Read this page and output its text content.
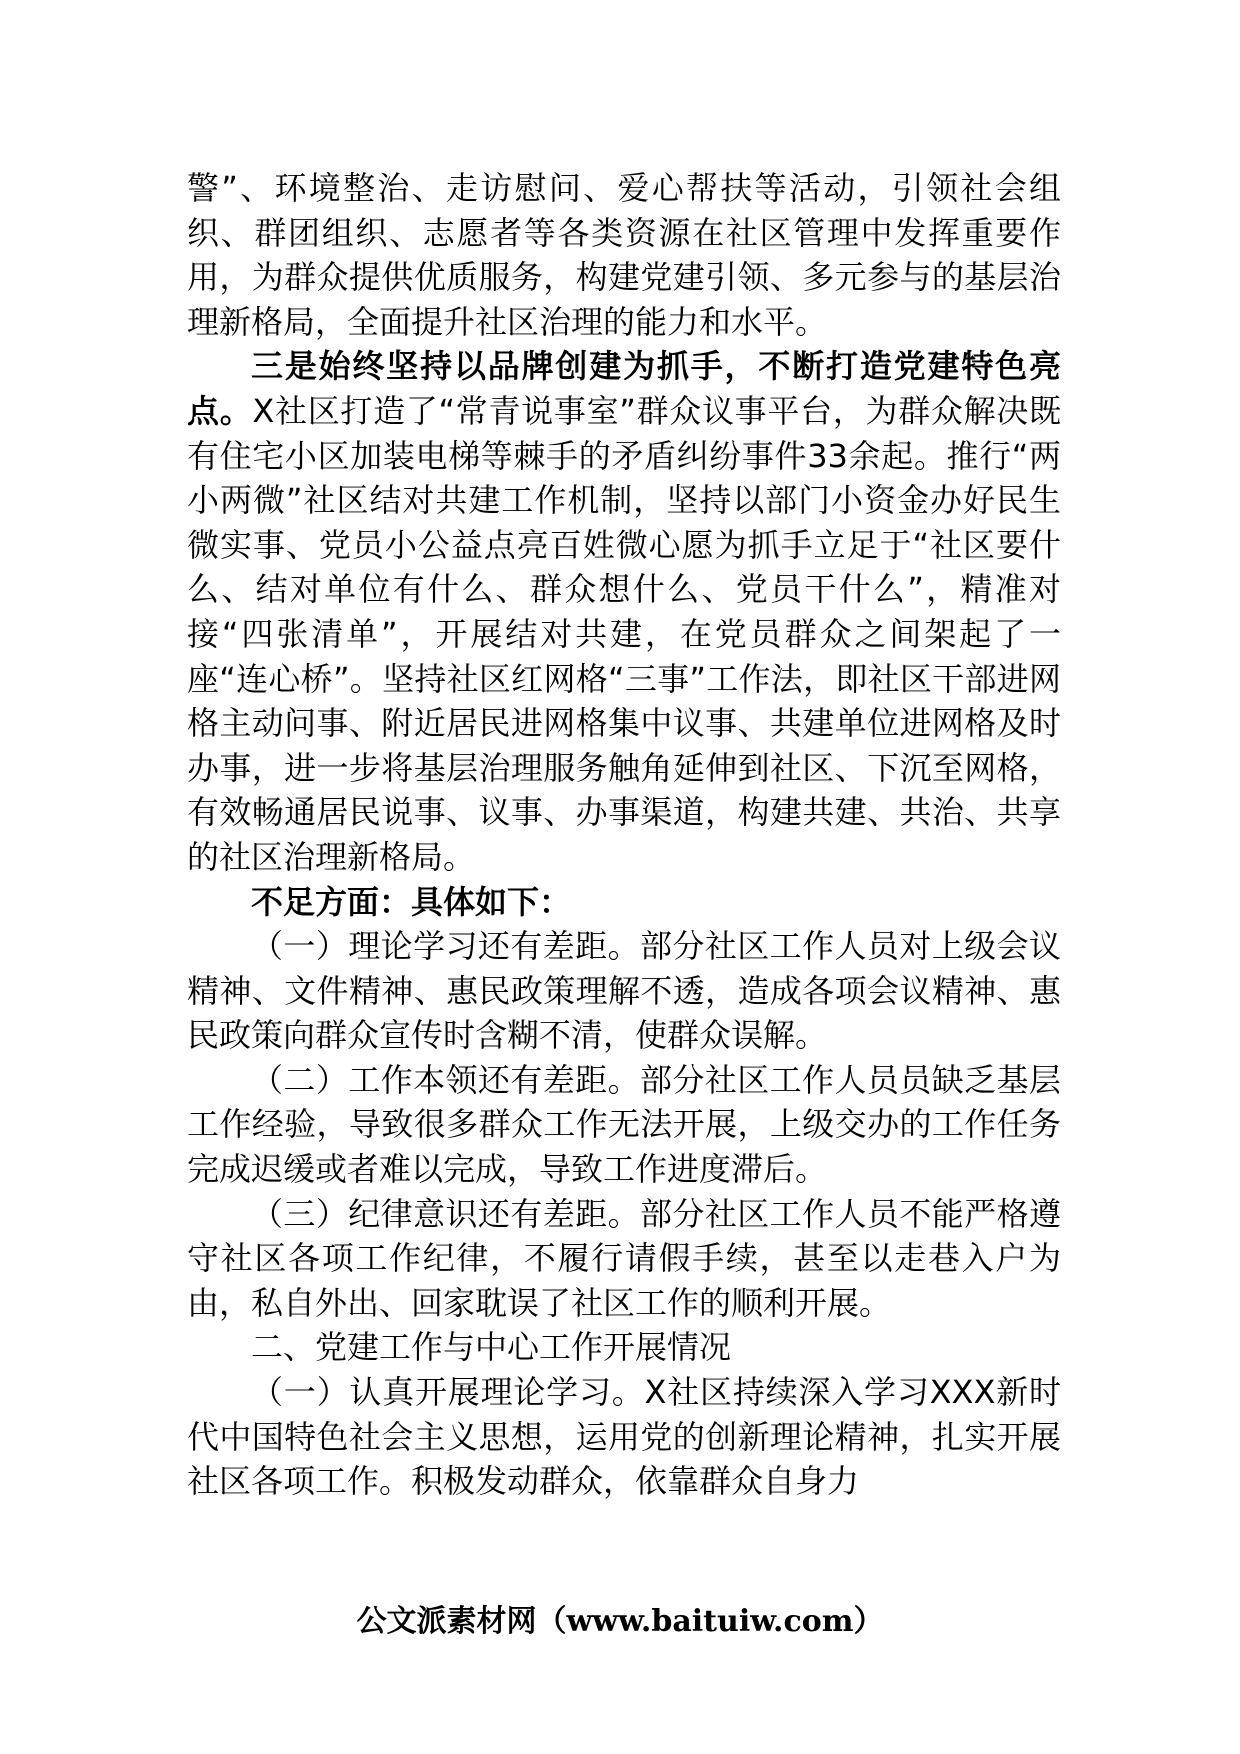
警”、环境整治、走访慰问、爱心帮扶等活动，引领社会组织、群团组织、志愿者等各类资源在社区管理中发挥重要作用，为群众提供优质服务，构建党建引领、多元参与的基层治理新格局，全面提升社区治理的能力和水平。

三是始终坚持以品牌创建为抓手，不断打造党建特色亮点。X社区打造了“常青说事室”群众议事平台，为群众解决既有住宅小区加装电梯等棘手的矛盾纠纷事件33余起。推行“两小两微”社区结对共建工作机制，坚持以部门小资金办好民生微实事、党员小公益点亮百姓微心愿为抓手立足于“社区要什么、结对单位有什么、群众想什么、党员干什么”，精准对接“四张清单”，开展结对共建，在党员群众之间架起了一座“连心桥”。坚持社区红网格“三事”工作法，即社区干部进网格主动问事、附近居民进网格集中议事、共建单位进网格及时办事，进一步将基层治理服务触角延伸到社区、下沉至网格，有效畅通居民说事、议事、办事渠道，构建共建、共治、共享的社区治理新格局。

不足方面：具体如下：

（一）理论学习还有差距。部分社区工作人员对上级会议精神、文件精神、惠民政策理解不透，造成各项会议精神、惠民政策向群众宣传时含糊不清，使群众误解。

（二）工作本领还有差距。部分社区工作人员员缺乏基层工作经验，导致很多群众工作无法开展，上级交办的工作任务完成迟缓或者难以完成，导致工作进度滞后。

（三）纪律意识还有差距。部分社区工作人员不能严格遵守社区各项工作纪律，不履行请假手续，甚至以走巷入户为由，私自外出、回家耽误了社区工作的顺利开展。

二、党建工作与中心工作开展情况

（一）认真开展理论学习。X社区持续深入学习XXX新时代中国特色社会主义思想，运用党的创新理论精神，扎实开展社区各项工作。积极发动群众，依靠群众自身力

公文派素材网（www.baituiw.com）
